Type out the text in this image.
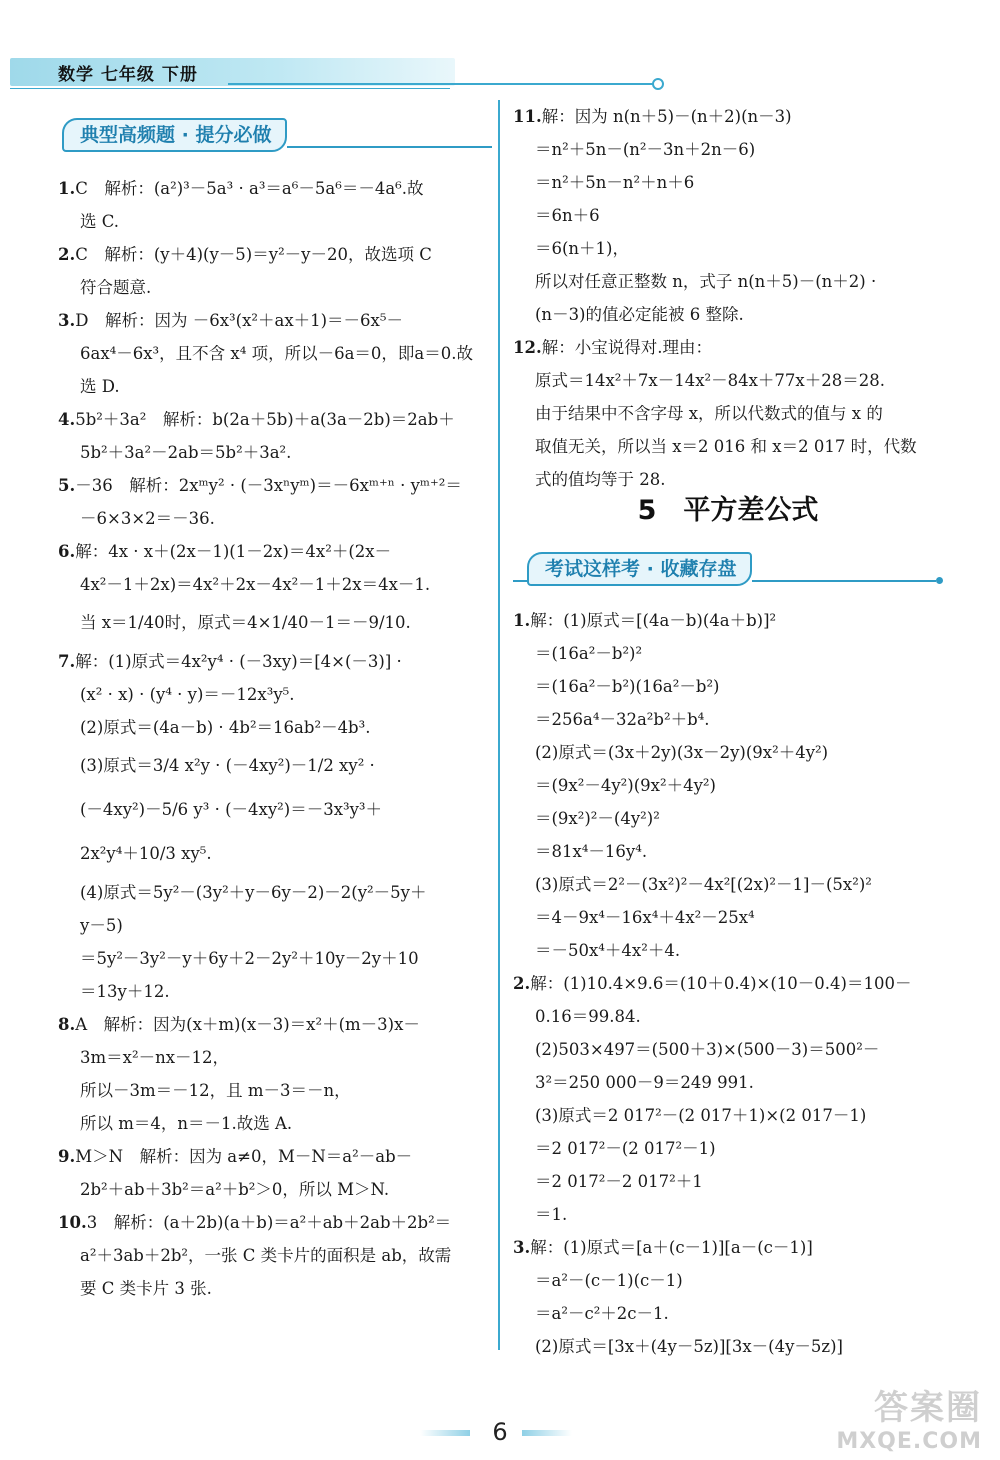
数学 七年级 下册
典型高频题 · 提分必做
1.C　解析：(a²)³－5a³ · a³＝a⁶－5a⁶＝－4a⁶.故
选 C.
2.C　解析：(y＋4)(y－5)＝y²－y－20，故选项 C
符合题意.
3.D　解析：因为 －6x³(x²＋ax＋1)＝－6x⁵－
6ax⁴－6x³，且不含 x⁴ 项，所以－6a＝0，即a＝0.故
选 D.
4.5b²＋3a²　解析：b(2a＋5b)＋a(3a－2b)＝2ab＋
5b²＋3a²－2ab＝5b²＋3a².
5.－36　解析：2xᵐy² · (－3xⁿyᵐ)＝－6xᵐ⁺ⁿ · yᵐ⁺²＝
－6×3×2＝－36.
6.解：4x · x＋(2x－1)(1－2x)＝4x²＋(2x－
4x²－1＋2x)＝4x²＋2x－4x²－1＋2x＝4x－1.
当 x＝1/40时，原式＝4×1/40－1＝－9/10.
7.解：(1)原式＝4x²y⁴ · (－3xy)＝[4×(－3)] ·
(x² · x) · (y⁴ · y)＝－12x³y⁵.
(2)原式＝(4a－b) · 4b²＝16ab²－4b³.
(3)原式＝3/4 x²y · (－4xy²)－1/2 xy² ·
(－4xy²)－5/6 y³ · (－4xy²)＝－3x³y³＋
2x²y⁴＋10/3 xy⁵.
(4)原式＝5y²－(3y²＋y－6y－2)－2(y²－5y＋
y－5)
＝5y²－3y²－y＋6y＋2－2y²＋10y－2y＋10
＝13y＋12.
8.A　解析：因为(x＋m)(x－3)＝x²＋(m－3)x－
3m＝x²－nx－12，
所以－3m＝－12，且 m－3＝－n，
所以 m＝4，n＝－1.故选 A.
9.M＞N　解析：因为 a≠0，M－N＝a²－ab－
2b²＋ab＋3b²＝a²＋b²＞0，所以 M＞N.
10.3　解析：(a＋2b)(a＋b)＝a²＋ab＋2ab＋2b²＝
a²＋3ab＋2b²，一张 C 类卡片的面积是 ab，故需
要 C 类卡片 3 张.
11.解：因为 n(n＋5)－(n＋2)(n－3)
＝n²＋5n－(n²－3n＋2n－6)
＝n²＋5n－n²＋n＋6
＝6n＋6
＝6(n＋1)，
所以对任意正整数 n，式子 n(n＋5)－(n＋2) ·
(n－3)的值必定能被 6 整除.
12.解：小宝说得对.理由：
原式＝14x²＋7x－14x²－84x＋77x＋28＝28.
由于结果中不含字母 x，所以代数式的值与 x 的
取值无关，所以当 x＝2 016 和 x＝2 017 时，代数
式的值均等于 28.
5　平方差公式
考试这样考 · 收藏存盘
1.解：(1)原式＝[(4a－b)(4a＋b)]²
＝(16a²－b²)²
＝(16a²－b²)(16a²－b²)
＝256a⁴－32a²b²＋b⁴.
(2)原式＝(3x＋2y)(3x－2y)(9x²＋4y²)
＝(9x²－4y²)(9x²＋4y²)
＝(9x²)²－(4y²)²
＝81x⁴－16y⁴.
(3)原式＝2²－(3x²)²－4x²[(2x)²－1]－(5x²)²
＝4－9x⁴－16x⁴＋4x²－25x⁴
＝－50x⁴＋4x²＋4.
2.解：(1)10.4×9.6＝(10＋0.4)×(10－0.4)＝100－
0.16＝99.84.
(2)503×497＝(500＋3)×(500－3)＝500²－
3²＝250 000－9＝249 991.
(3)原式＝2 017²－(2 017＋1)×(2 017－1)
＝2 017²－(2 017²－1)
＝2 017²－2 017²＋1
＝1.
3.解：(1)原式＝[a＋(c－1)][a－(c－1)]
＝a²－(c－1)(c－1)
＝a²－c²＋2c－1.
(2)原式＝[3x＋(4y－5z)][3x－(4y－5z)]
6
答案圈
MXQE.COM
